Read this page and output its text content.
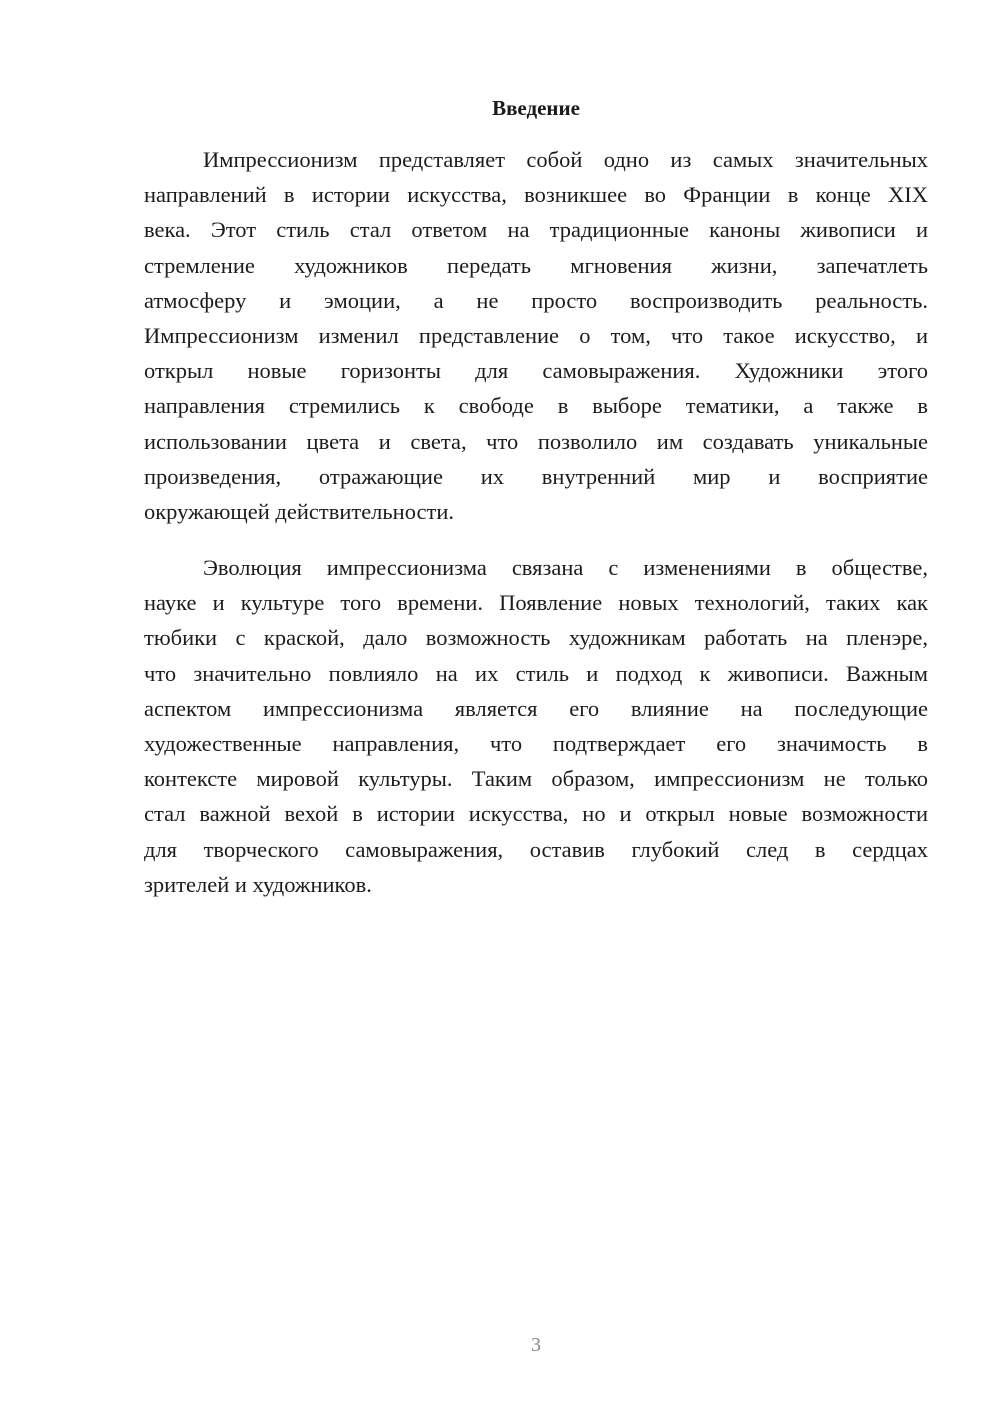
Введение
Импрессионизм представляет собой одно из самых значительных
направлений в истории искусства, возникшее во Франции в конце XIX
века. Этот стиль стал ответом на традиционные каноны живописи и
стремление художников передать мгновения жизни, запечатлеть
атмосферу и эмоции, а не просто воспроизводить реальность.
Импрессионизм изменил представление о том, что такое искусство, и
открыл новые горизонты для самовыражения. Художники этого
направления стремились к свободе в выборе тематики, а также в
использовании цвета и света, что позволило им создавать уникальные
произведения, отражающие их внутренний мир и восприятие
окружающей действительности.
Эволюция импрессионизма связана с изменениями в обществе,
науке и культуре того времени. Появление новых технологий, таких как
тюбики с краской, дало возможность художникам работать на пленэре,
что значительно повлияло на их стиль и подход к живописи. Важным
аспектом импрессионизма является его влияние на последующие
художественные направления, что подтверждает его значимость в
контексте мировой культуры. Таким образом, импрессионизм не только
стал важной вехой в истории искусства, но и открыл новые возможности
для творческого самовыражения, оставив глубокий след в сердцах
зрителей и художников.
3
